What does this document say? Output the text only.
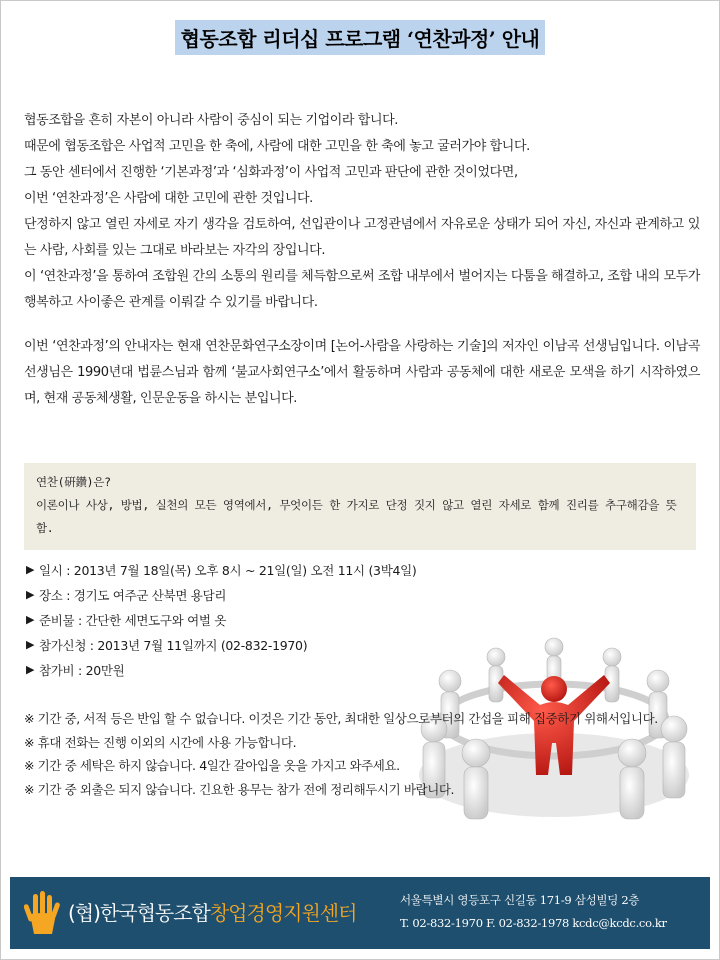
협동조합 리더십 프로그램 ‘연찬과정’ 안내

협동조합을 흔히 자본이 아니라 사람이 중심이 되는 기업이라 합니다.

때문에 협동조합은 사업적 고민을 한 축에, 사람에 대한 고민을 한 축에 놓고 굴러가야 합니다.

그 동안 센터에서 진행한 ‘기본과정’과 ‘심화과정’이 사업적 고민과 판단에 관한 것이었다면,

이번 ‘연찬과정’은 사람에 대한 고민에 관한 것입니다.

단정하지 않고 열린 자세로 자기 생각을 검토하여, 선입관이나 고정관념에서 자유로운 상태가 되어 자신, 자신과 관계하고 있는 사람, 사회를 있는 그대로 바라보는 자각의 장입니다.

이 ‘연찬과정’을 통하여 조합원 간의 소통의 원리를 체득함으로써 조합 내부에서 벌어지는 다툼을 해결하고, 조합 내의 모두가 행복하고 사이좋은 관계를 이뤄갈 수 있기를 바랍니다.

이번 ‘연찬과정’의 안내자는 현재 연찬문화연구소장이며 [논어-사람을 사랑하는 기술]의 저자인 이남곡 선생님입니다. 이남곡 선생님은 1990년대 법륜스님과 함께 ‘불교사회연구소’에서 활동하며 사람과 공동체에 대한 새로운 모색을 하기 시작하였으며, 현재 공동체생활, 인문운동을 하시는 분입니다.

연찬(硏鑽)은?

이론이나 사상, 방법, 실천의 모든 영역에서, 무엇이든 한 가지로 단정 짓지 않고 열린 자세로 함께 진리를 추구해감을 뜻함.

▶ 일시 : 2013년 7월 18일(목) 오후 8시 ~ 21일(일) 오전 11시 (3박4일)
▶ 장소 : 경기도 여주군 산북면 용담리
▶ 준비물 : 간단한 세면도구와 여벌 옷
▶ 참가신청 : 2013년 7월 11일까지 (02-832-1970)
▶ 참가비 : 20만원
※ 기간 중, 서적 등은 반입 할 수 없습니다. 이것은 기간 동안, 최대한 일상으로부터의 간섭을 피해 집중하기 위해서입니다.
※ 휴대 전화는 진행 이외의 시간에 사용 가능합니다.
※ 기간 중 세탁은 하지 않습니다. 4일간 갈아입을 옷을 가지고 와주세요.
※ 기간 중 외출은 되지 않습니다. 긴요한 용무는 참가 전에 정리해두시기 바랍니다.
(협)한국협동조합창업경영지원센터
서울특별시 영등포구 신길동 171-9 삼성빌딩 2층
T. 02-832-1970 F. 02-832-1978 kcdc@kcdc.co.kr
